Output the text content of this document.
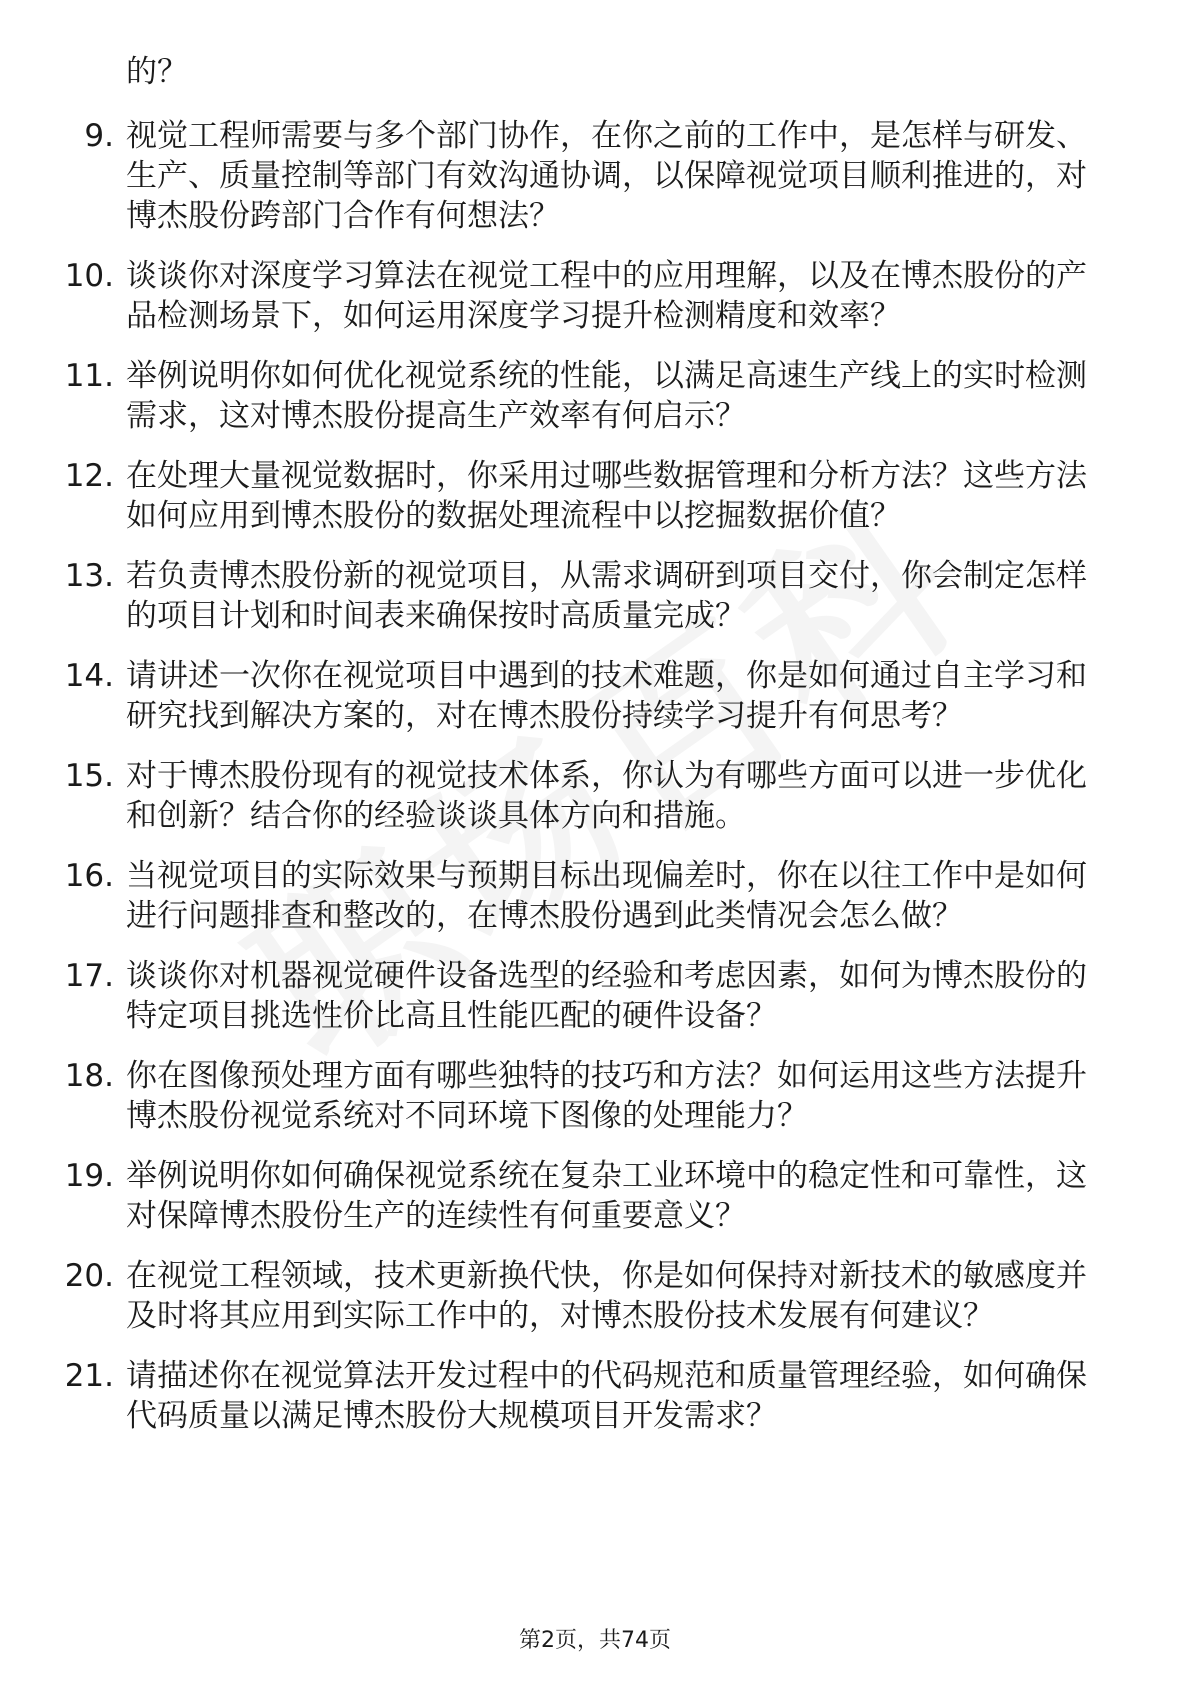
的？
9. 视觉工程师需要与多个部门协作，在你之前的工作中，是怎样与研发、生产、质量控制等部门有效沟通协调，以保障视觉项目顺利推进的，对博杰股份跨部门合作有何想法？
10. 谈谈你对深度学习算法在视觉工程中的应用理解，以及在博杰股份的产品检测场景下，如何运用深度学习提升检测精度和效率？
11. 举例说明你如何优化视觉系统的性能，以满足高速生产线上的实时检测需求，这对博杰股份提高生产效率有何启示？
12. 在处理大量视觉数据时，你采用过哪些数据管理和分析方法？这些方法如何应用到博杰股份的数据处理流程中以挖掘数据价值？
13. 若负责博杰股份新的视觉项目，从需求调研到项目交付，你会制定怎样的项目计划和时间表来确保按时高质量完成？
14. 请讲述一次你在视觉项目中遇到的技术难题，你是如何通过自主学习和研究找到解决方案的，对在博杰股份持续学习提升有何思考？
15. 对于博杰股份现有的视觉技术体系，你认为有哪些方面可以进一步优化和创新？结合你的经验谈谈具体方向和措施。
16. 当视觉项目的实际效果与预期目标出现偏差时，你在以往工作中是如何进行问题排查和整改的，在博杰股份遇到此类情况会怎么做？
17. 谈谈你对机器视觉硬件设备选型的经验和考虑因素，如何为博杰股份的特定项目挑选性价比高且性能匹配的硬件设备？
18. 你在图像预处理方面有哪些独特的技巧和方法？如何运用这些方法提升博杰股份视觉系统对不同环境下图像的处理能力？
19. 举例说明你如何确保视觉系统在复杂工业环境中的稳定性和可靠性，这对保障博杰股份生产的连续性有何重要意义？
20. 在视觉工程领域，技术更新换代快，你是如何保持对新技术的敏感度并及时将其应用到实际工作中的，对博杰股份技术发展有何建议？
21. 请描述你在视觉算法开发过程中的代码规范和质量管理经验，如何确保代码质量以满足博杰股份大规模项目开发需求？
第2页，共74页
